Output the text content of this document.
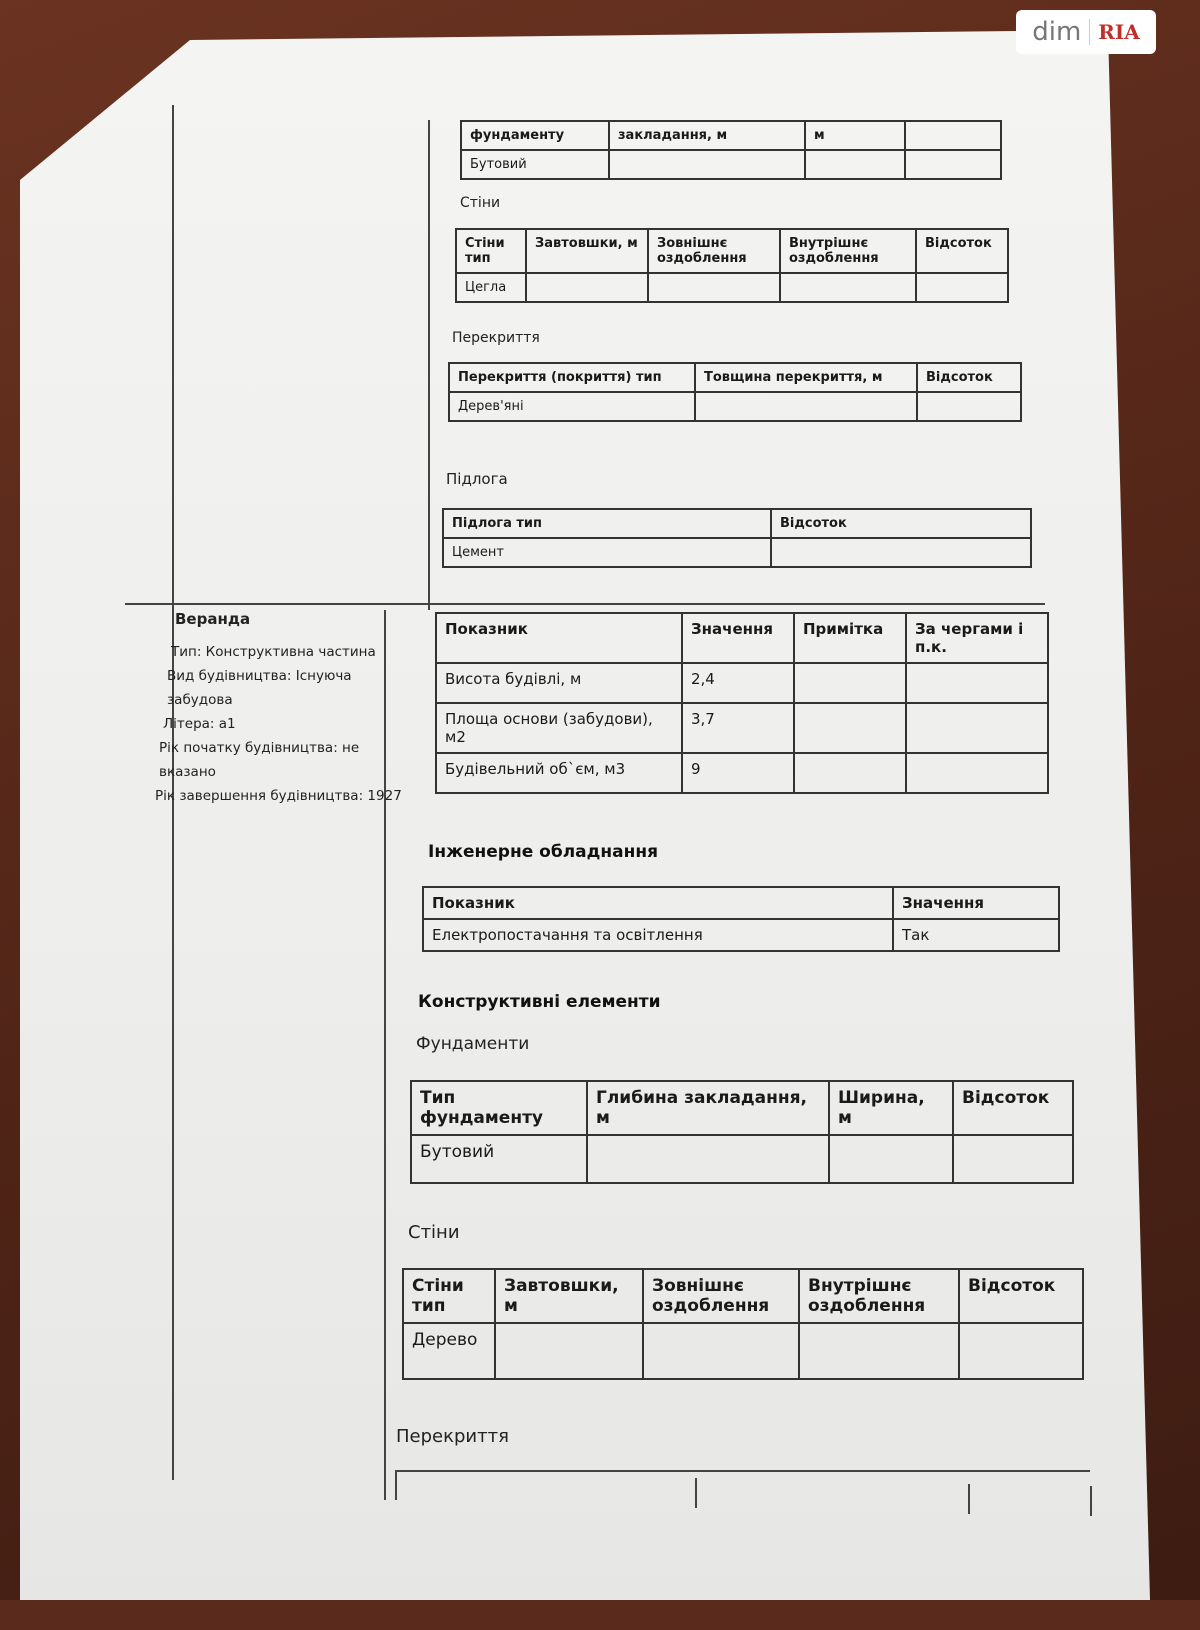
dim RIA
фундаменту	закладання, м	м	
Бутовий			
Стіни
Стіни тип	Завтовшки, м	Зовнішнє оздоблення	Внутрішнє оздоблення	Відсоток
Цегла				
Перекриття
Перекриття (покриття) тип	Товщина перекриття, м	Відсоток
Дерев'яні		
Підлога
Підлога тип	Відсоток
Цемент	
Веранда
Тип: Конструктивна частина
Вид будівництва: Існуюча забудова
Літера: а1
Рік початку будівництва: не вказано
Рік завершення будівництва: 1927
Показник	Значення	Примітка	За чергами і п.к.
Висота будівлі, м	2,4		
Площа основи (забудови), м2	3,7		
Будівельний об`єм, м3	9		
Інженерне обладнання
Показник	Значення
Електропостачання та освітлення	Так
Конструктивні елементи
Фундаменти
Тип фундаменту	Глибина закладання, м	Ширина, м	Відсоток
Бутовий			
Стіни
Стіни тип	Завтовшки, м	Зовнішнє оздоблення	Внутрішнє оздоблення	Відсоток
Дерево				
Перекриття
